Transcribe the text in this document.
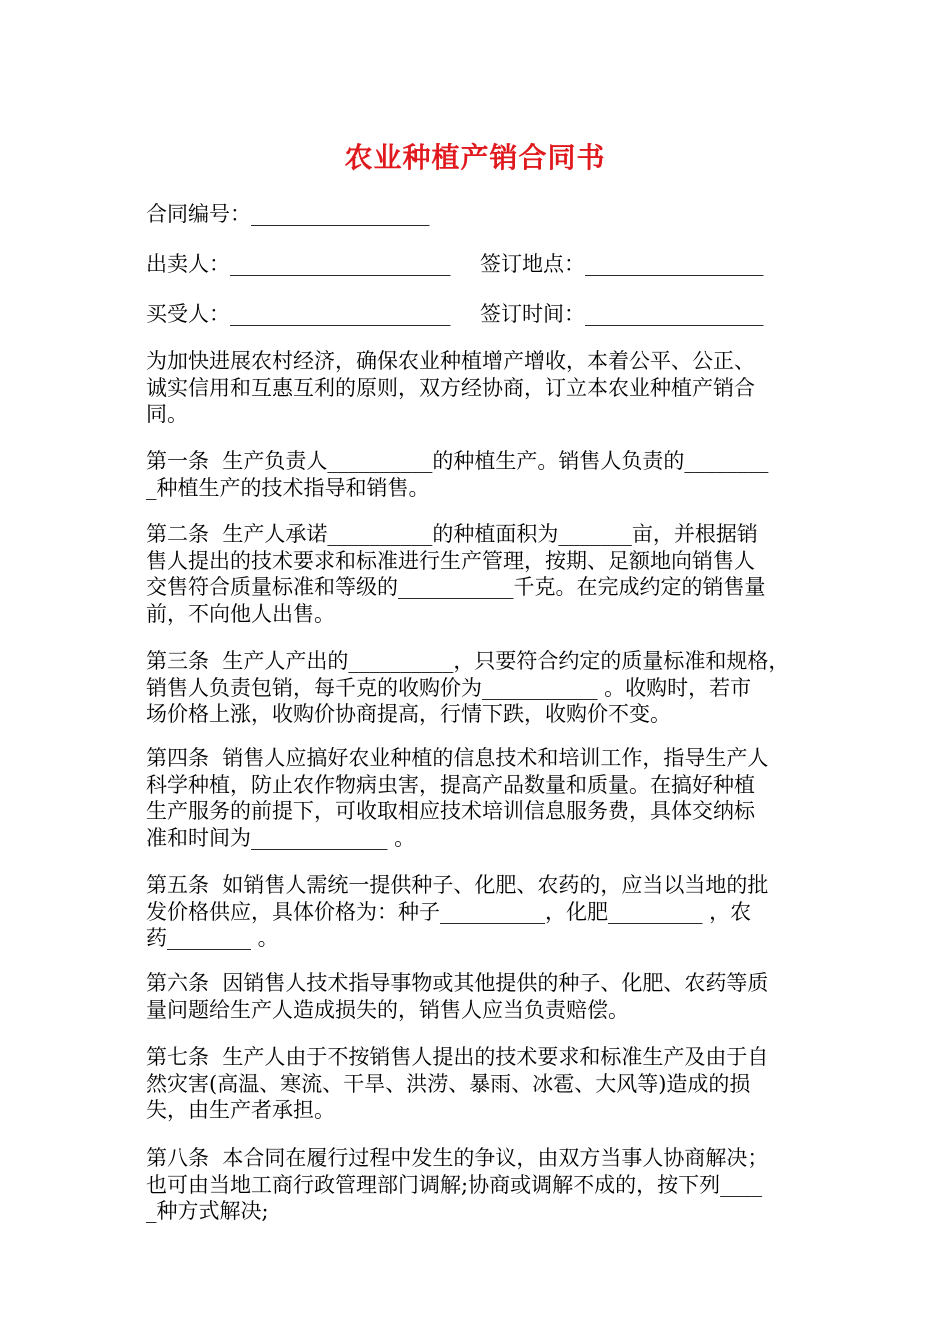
农业种植产销合同书
合同编号：_________________
出卖人：_____________________ 签订地点：_________________
买受人：_____________________ 签订时间：_________________
为加快进展农村经济，确保农业种植增产增收，本着公平、公正、
诚实信用和互惠互利的原则，双方经协商，订立本农业种植产销合
同。
第一条  生产负责人__________的种植生产。销售人负责的________
_种植生产的技术指导和销售。
第二条  生产人承诺__________的种植面积为_______亩，并根据销
售人提出的技术要求和标准进行生产管理，按期、足额地向销售人
交售符合质量标准和等级的___________千克。在完成约定的销售量
前，不向他人出售。
第三条  生产人产出的__________，只要符合约定的质量标准和规格，
销售人负责包销，每千克的收购价为___________ 。收购时，若市
场价格上涨，收购价协商提高，行情下跌，收购价不变。
第四条  销售人应搞好农业种植的信息技术和培训工作，指导生产人
科学种植，防止农作物病虫害，提高产品数量和质量。在搞好种植
生产服务的前提下，可收取相应技术培训信息服务费，具体交纳标
准和时间为_____________ 。
第五条  如销售人需统一提供种子、化肥、农药的，应当以当地的批
发价格供应，具体价格为：种子__________，化肥_________ ，农
药________ 。
第六条  因销售人技术指导事物或其他提供的种子、化肥、农药等质
量问题给生产人造成损失的，销售人应当负责赔偿。
第七条  生产人由于不按销售人提出的技术要求和标准生产及由于自
然灾害(高温、寒流、干旱、洪涝、暴雨、冰雹、大风等)造成的损
失，由生产者承担。
第八条  本合同在履行过程中发生的争议，由双方当事人协商解决；
也可由当地工商行政管理部门调解;协商或调解不成的，按下列____
_种方式解决;
